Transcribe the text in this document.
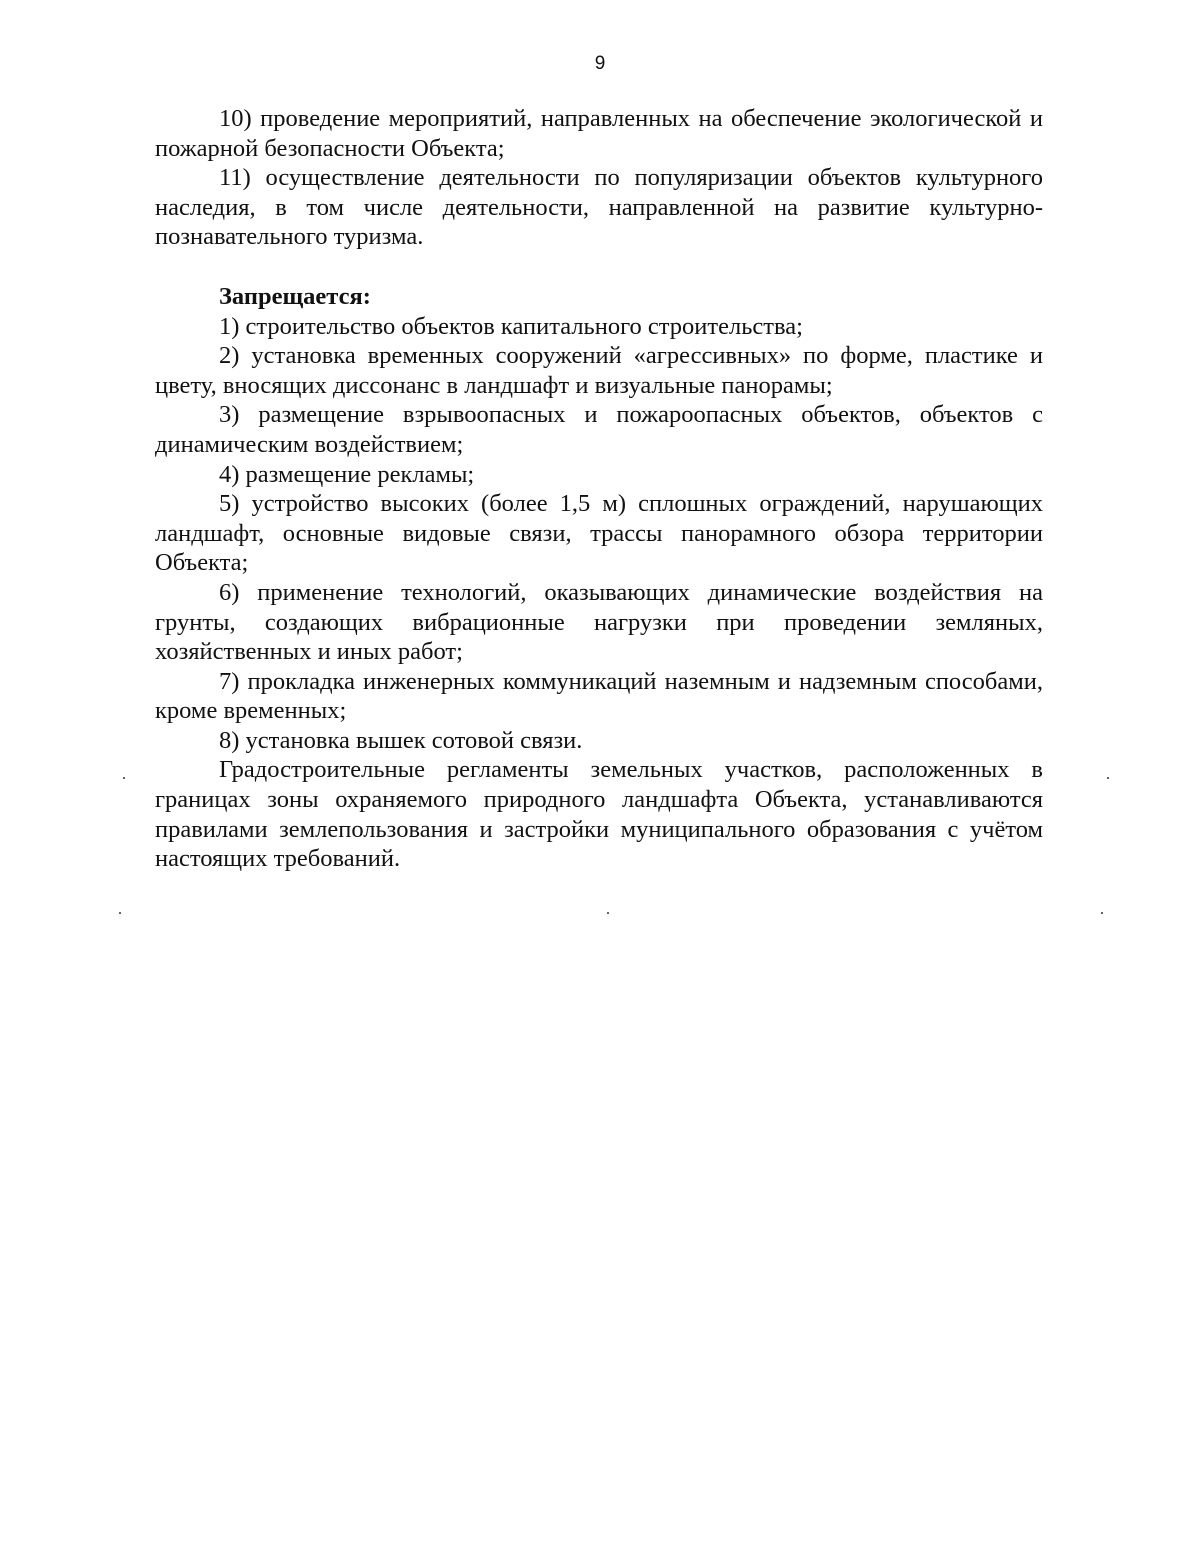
9

10) проведение мероприятий, направленных на обеспечение экологической и пожарной безопасности Объекта;

11) осуществление деятельности по популяризации объектов культурного наследия, в том числе деятельности, направленной на развитие культурно-познавательного туризма.

Запрещается:

1) строительство объектов капитального строительства;

2) установка временных сооружений «агрессивных» по форме, пластике и цвету, вносящих диссонанс в ландшафт и визуальные панорамы;

3) размещение взрывоопасных и пожароопасных объектов, объектов с динамическим воздействием;

4) размещение рекламы;

5) устройство высоких (более 1,5 м) сплошных ограждений, нарушающих ландшафт, основные видовые связи, трассы панорамного обзора территории Объекта;

6) применение технологий, оказывающих динамические воздействия на грунты, создающих вибрационные нагрузки при проведении земляных, хозяйственных и иных работ;

7) прокладка инженерных коммуникаций наземным и надземным способами, кроме временных;

8) установка вышек сотовой связи.

Градостроительные регламенты земельных участков, расположенных в границах зоны охраняемого природного ландшафта Объекта, устанавливаются правилами землепользования и застройки муниципального образования с учётом настоящих требований.
